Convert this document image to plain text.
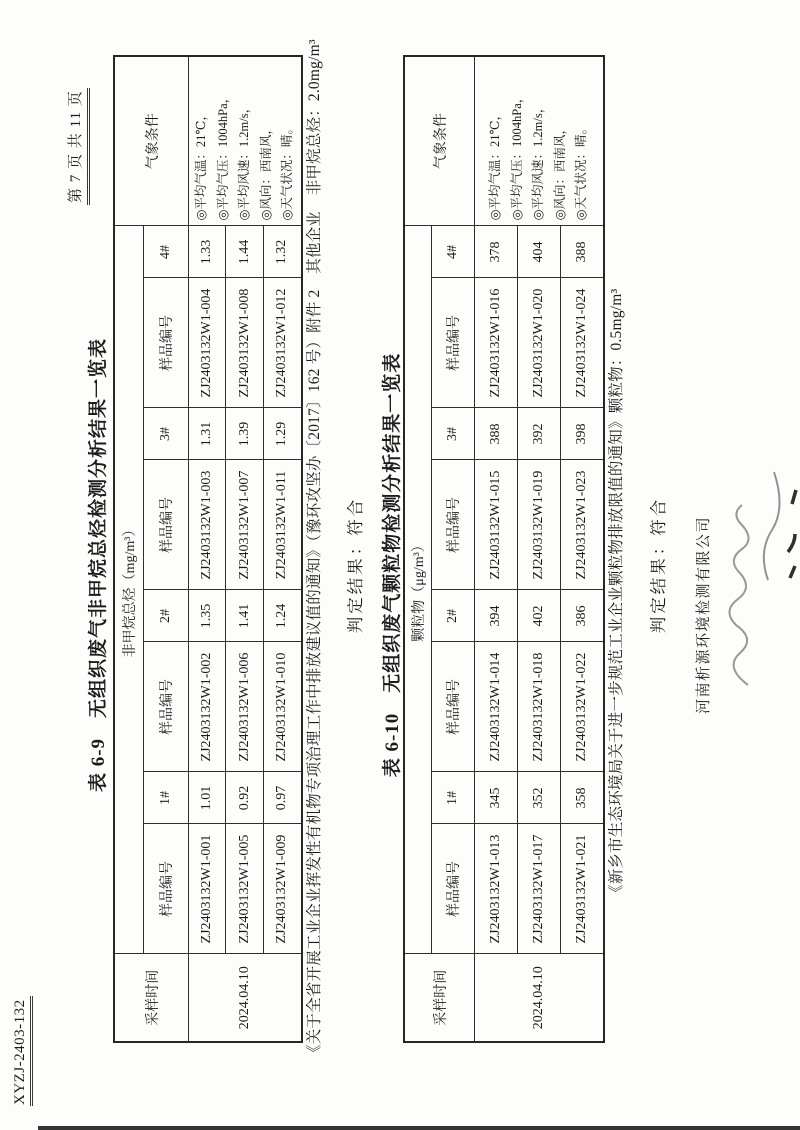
XYZJ-2403-132
第 7 页 共 11 页
表 6-9　无组织废气非甲烷总烃检测分析结果一览表
采样时间	非甲烷总烃（mg/m³）								气象条件
	样品编号	1#	样品编号	2#	样品编号	3#	样品编号	4#	
2024.04.10	ZJ2403132W1-001	1.01	ZJ2403132W1-002	1.35	ZJ2403132W1-003	1.31	ZJ2403132W1-004	1.33	◎平均气温：21℃， ◎平均气压：1004hPa， ◎平均风速：1.2m/s， ◎风向：西南风， ◎天气状况：晴。

	ZJ2403132W1-005	0.92	ZJ2403132W1-006	1.41	ZJ2403132W1-007	1.39	ZJ2403132W1-008	1.44	
	ZJ2403132W1-009	0.97	ZJ2403132W1-010	1.24	ZJ2403132W1-011	1.29	ZJ2403132W1-012	1.32	《关于全省开展工业企业挥发性有机物专项治理工作中排放建议值的通知》（豫环攻坚办〔2017〕162 号）附件 2　其他企业　非甲烷总烃：2.0mg/m³ 判定结果：符合 表 6-10　无组织废气颗粒物检测分析结果一览表
采样时间	颗粒物（μg/m³）								气象条件
	样品编号	1#	样品编号	2#	样品编号	3#	样品编号	4#	
2024.04.10	ZJ2403132W1-013	345	ZJ2403132W1-014	394	ZJ2403132W1-015	388	ZJ2403132W1-016	378	◎平均气温：21℃， ◎平均气压：1004hPa， ◎平均风速：1.2m/s， ◎风向：西南风， ◎天气状况：晴。

	ZJ2403132W1-017	352	ZJ2403132W1-018	402	ZJ2403132W1-019	392	ZJ2403132W1-020	404	
	ZJ2403132W1-021	358	ZJ2403132W1-022	386	ZJ2403132W1-023	398	ZJ2403132W1-024	388	
《新乡市生态环境局关于进一步规范工业企业颗粒物排放限值的通知》颗粒物：0.5mg/m³ 判定结果：符合 河南析源环境检测有限公司
